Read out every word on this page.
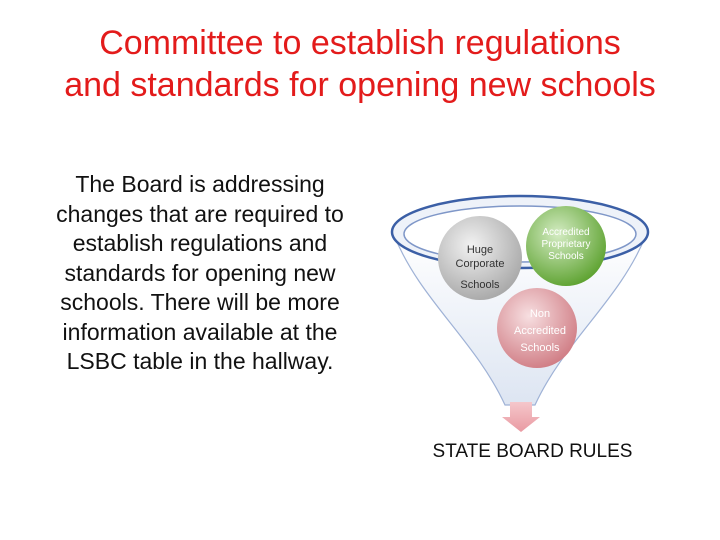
Committee to establish regulations
and standards for opening new schools

The Board is addressing changes that are required to establish regulations and standards for opening new schools. There will be more information available at the LSBC table in the hallway.

Huge
Corporate
Schools
Accredited
Proprietary
Schools
Non
Accredited
Schools
STATE BOARD RULES
